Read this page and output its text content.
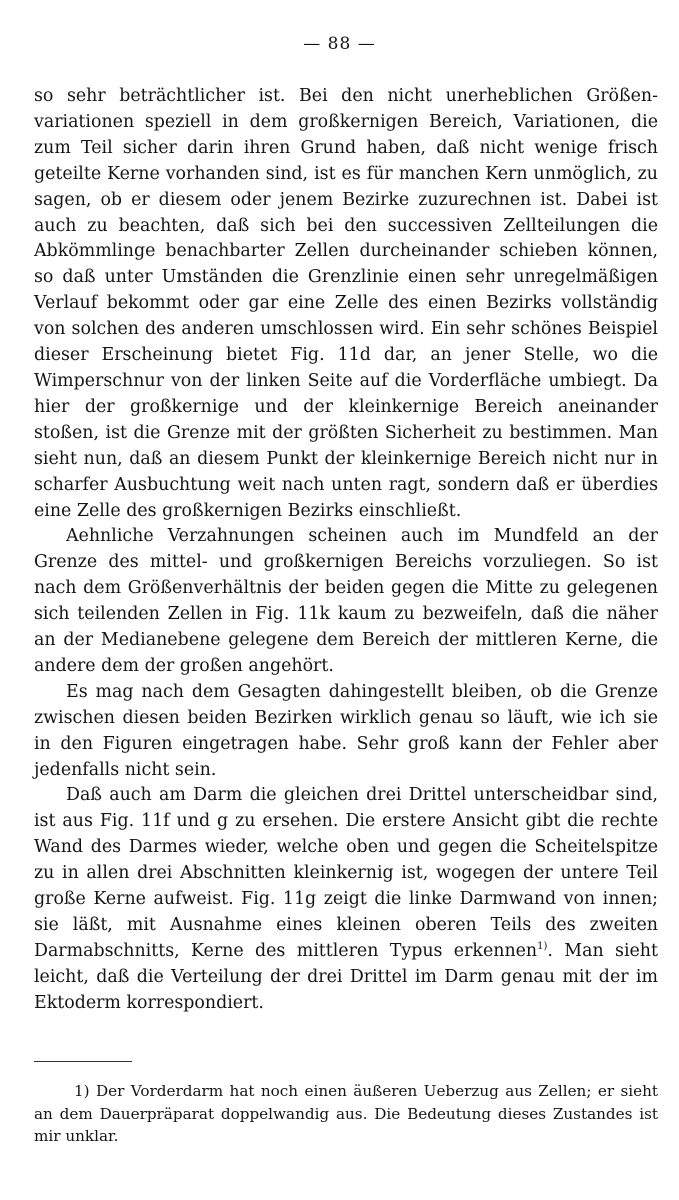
— 88 —

so sehr beträchtlicher ist. Bei den nicht unerheblichen Größenvariationen speziell in dem großkernigen Bereich, Variationen, die zum Teil sicher darin ihren Grund haben, daß nicht wenige frisch geteilte Kerne vorhanden sind, ist es für manchen Kern unmöglich, zu sagen, ob er diesem oder jenem Bezirke zuzurechnen ist. Dabei ist auch zu beachten, daß sich bei den successiven Zellteilungen die Abkömmlinge benachbarter Zellen durcheinander schieben können, so daß unter Umständen die Grenzlinie einen sehr unregelmäßigen Verlauf bekommt oder gar eine Zelle des einen Bezirks vollständig von solchen des anderen umschlossen wird. Ein sehr schönes Beispiel dieser Erscheinung bietet Fig. 11d dar, an jener Stelle, wo die Wimperschnur von der linken Seite auf die Vorderfläche umbiegt. Da hier der großkernige und der kleinkernige Bereich aneinander stoßen, ist die Grenze mit der größten Sicherheit zu bestimmen. Man sieht nun, daß an diesem Punkt der kleinkernige Bereich nicht nur in scharfer Ausbuchtung weit nach unten ragt, sondern daß er überdies eine Zelle des großkernigen Bezirks einschließt.

Aehnliche Verzahnungen scheinen auch im Mundfeld an der Grenze des mittel- und großkernigen Bereichs vorzuliegen. So ist nach dem Größenverhältnis der beiden gegen die Mitte zu gelegenen sich teilenden Zellen in Fig. 11k kaum zu bezweifeln, daß die näher an der Medianebene gelegene dem Bereich der mittleren Kerne, die andere dem der großen angehört.

Es mag nach dem Gesagten dahingestellt bleiben, ob die Grenze zwischen diesen beiden Bezirken wirklich genau so läuft, wie ich sie in den Figuren eingetragen habe. Sehr groß kann der Fehler aber jedenfalls nicht sein.

Daß auch am Darm die gleichen drei Drittel unterscheidbar sind, ist aus Fig. 11f und g zu ersehen. Die erstere Ansicht gibt die rechte Wand des Darmes wieder, welche oben und gegen die Scheitelspitze zu in allen drei Abschnitten kleinkernig ist, wogegen der untere Teil große Kerne aufweist. Fig. 11g zeigt die linke Darmwand von innen; sie läßt, mit Ausnahme eines kleinen oberen Teils des zweiten Darmabschnitts, Kerne des mittleren Typus erkennen$^{1)}$. Man sieht leicht, daß die Verteilung der drei Drittel im Darm genau mit der im Ektoderm korrespondiert.

1) Der Vorderdarm hat noch einen äußeren Ueberzug aus Zellen; er sieht an dem Dauerpräparat doppelwandig aus. Die Bedeutung dieses Zustandes ist mir unklar.
